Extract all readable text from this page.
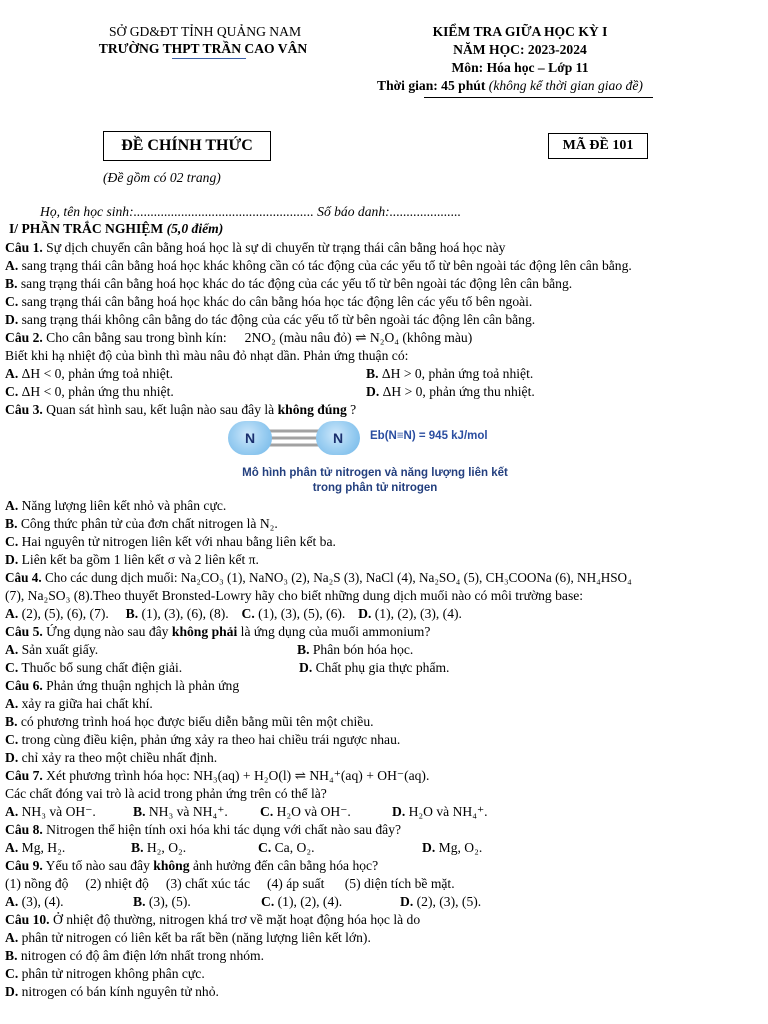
SỞ GD&ĐT TỈNH QUẢNG NAM
TRƯỜNG THPT TRẦN CAO VÂN
KIỂM TRA GIỮA HỌC KỲ I
NĂM HỌC: 2023-2024
Môn: Hóa học – Lớp 11
Thời gian: 45 phút (không kể thời gian giao đề)
ĐỀ CHÍNH THỨC	MÃ ĐỀ 101
(Đề gồm có 02 trang)
Họ, tên học sinh:..................................................... Số báo danh:.....................
I/ PHẦN TRẮC NGHIỆM (5,0 điểm)
Câu 1. Sự dịch chuyển cân bằng hoá học là sự di chuyển từ trạng thái cân bằng hoá học này
A. sang trạng thái cân bằng hoá học khác không cần có tác động của các yếu tố từ bên ngoài tác động lên cân bằng.
B. sang trạng thái cân bằng hoá học khác do tác động của các yếu tố từ bên ngoài tác động lên cân bằng.
C. sang trạng thái cân bằng hoá học khác do cân bằng hóa học tác động lên các yếu tố bên ngoài.
D. sang trạng thái không cân bằng do tác động của các yếu tố từ bên ngoài tác động lên cân bằng.
Câu 2. Cho cân bằng sau trong bình kín: 2NO₂ (màu nâu đỏ) ⇌ N₂O₄ (không màu)
Biết khi hạ nhiệt độ của bình thì màu nâu đỏ nhạt dần. Phản ứng thuận có:
A. ΔH < 0, phản ứng toả nhiệt.	B. ΔH > 0, phản ứng toả nhiệt.
C. ΔH < 0, phản ứng thu nhiệt.	D. ΔH > 0, phản ứng thu nhiệt.
Câu 3. Quan sát hình sau, kết luận nào sau đây là không đúng ?
N	N	Eb(N≡N) = 945 kJ/mol
Mô hình phân tử nitrogen và năng lượng liên kết
trong phân tử nitrogen
A. Năng lượng liên kết nhỏ và phân cực.
B. Công thức phân tử của đơn chất nitrogen là N₂.
C. Hai nguyên tử nitrogen liên kết với nhau bằng liên kết ba.
D. Liên kết ba gồm 1 liên kết σ và 2 liên kết π.
Câu 4. Cho các dung dịch muối: Na₂CO₃ (1), NaNO₃ (2), Na₂S (3), NaCl (4), Na₂SO₄ (5), CH₃COONa (6), NH₄HSO₄
(7), Na₂SO₃ (8).Theo thuyết Bronsted-Lowry hãy cho biết những dung dịch muối nào có môi trường base:
A. (2), (5), (6), (7). B. (1), (3), (6), (8). C. (1), (3), (5), (6). D. (1), (2), (3), (4).
Câu 5. Ứng dụng nào sau đây không phải là ứng dụng của muối ammonium?
A. Sản xuất giấy.	B. Phân bón hóa học.
C. Thuốc bổ sung chất điện giải.	D. Chất phụ gia thực phẩm.
Câu 6. Phản ứng thuận nghịch là phản ứng
A. xảy ra giữa hai chất khí.
B. có phương trình hoá học được biểu diễn bằng mũi tên một chiều.
C. trong cùng điều kiện, phản ứng xảy ra theo hai chiều trái ngược nhau.
D. chỉ xảy ra theo một chiều nhất định.
Câu 7. Xét phương trình hóa học: NH₃(aq) + H₂O(l) ⇌ NH₄⁺(aq) + OH⁻(aq).
Các chất đóng vai trò là acid trong phản ứng trên có thể là?
A. NH₃ và OH⁻.	B. NH₃ và NH₄⁺. C. H₂O và OH⁻.	D. H₂O và NH₄⁺.
Câu 8. Nitrogen thể hiện tính oxi hóa khi tác dụng với chất nào sau đây?
A. Mg, H₂.	B. H₂, O₂.	C. Ca, O₂.	D. Mg, O₂.
Câu 9. Yếu tố nào sau đây không ảnh hưởng đến cân bằng hóa học?
(1) nồng độ     (2) nhiệt độ     (3) chất xúc tác     (4) áp suất      (5) diện tích bề mặt.
A. (3), (4).	B. (3), (5).	C. (1), (2), (4).	D. (2), (3), (5).
Câu 10. Ở nhiệt độ thường, nitrogen khá trơ về mặt hoạt động hóa học là do
A. phân tử nitrogen có liên kết ba rất bền (năng lượng liên kết lớn).
B. nitrogen có độ âm điện lớn nhất trong nhóm.
C. phân tử nitrogen không phân cực.
D. nitrogen có bán kính nguyên tử nhỏ.
